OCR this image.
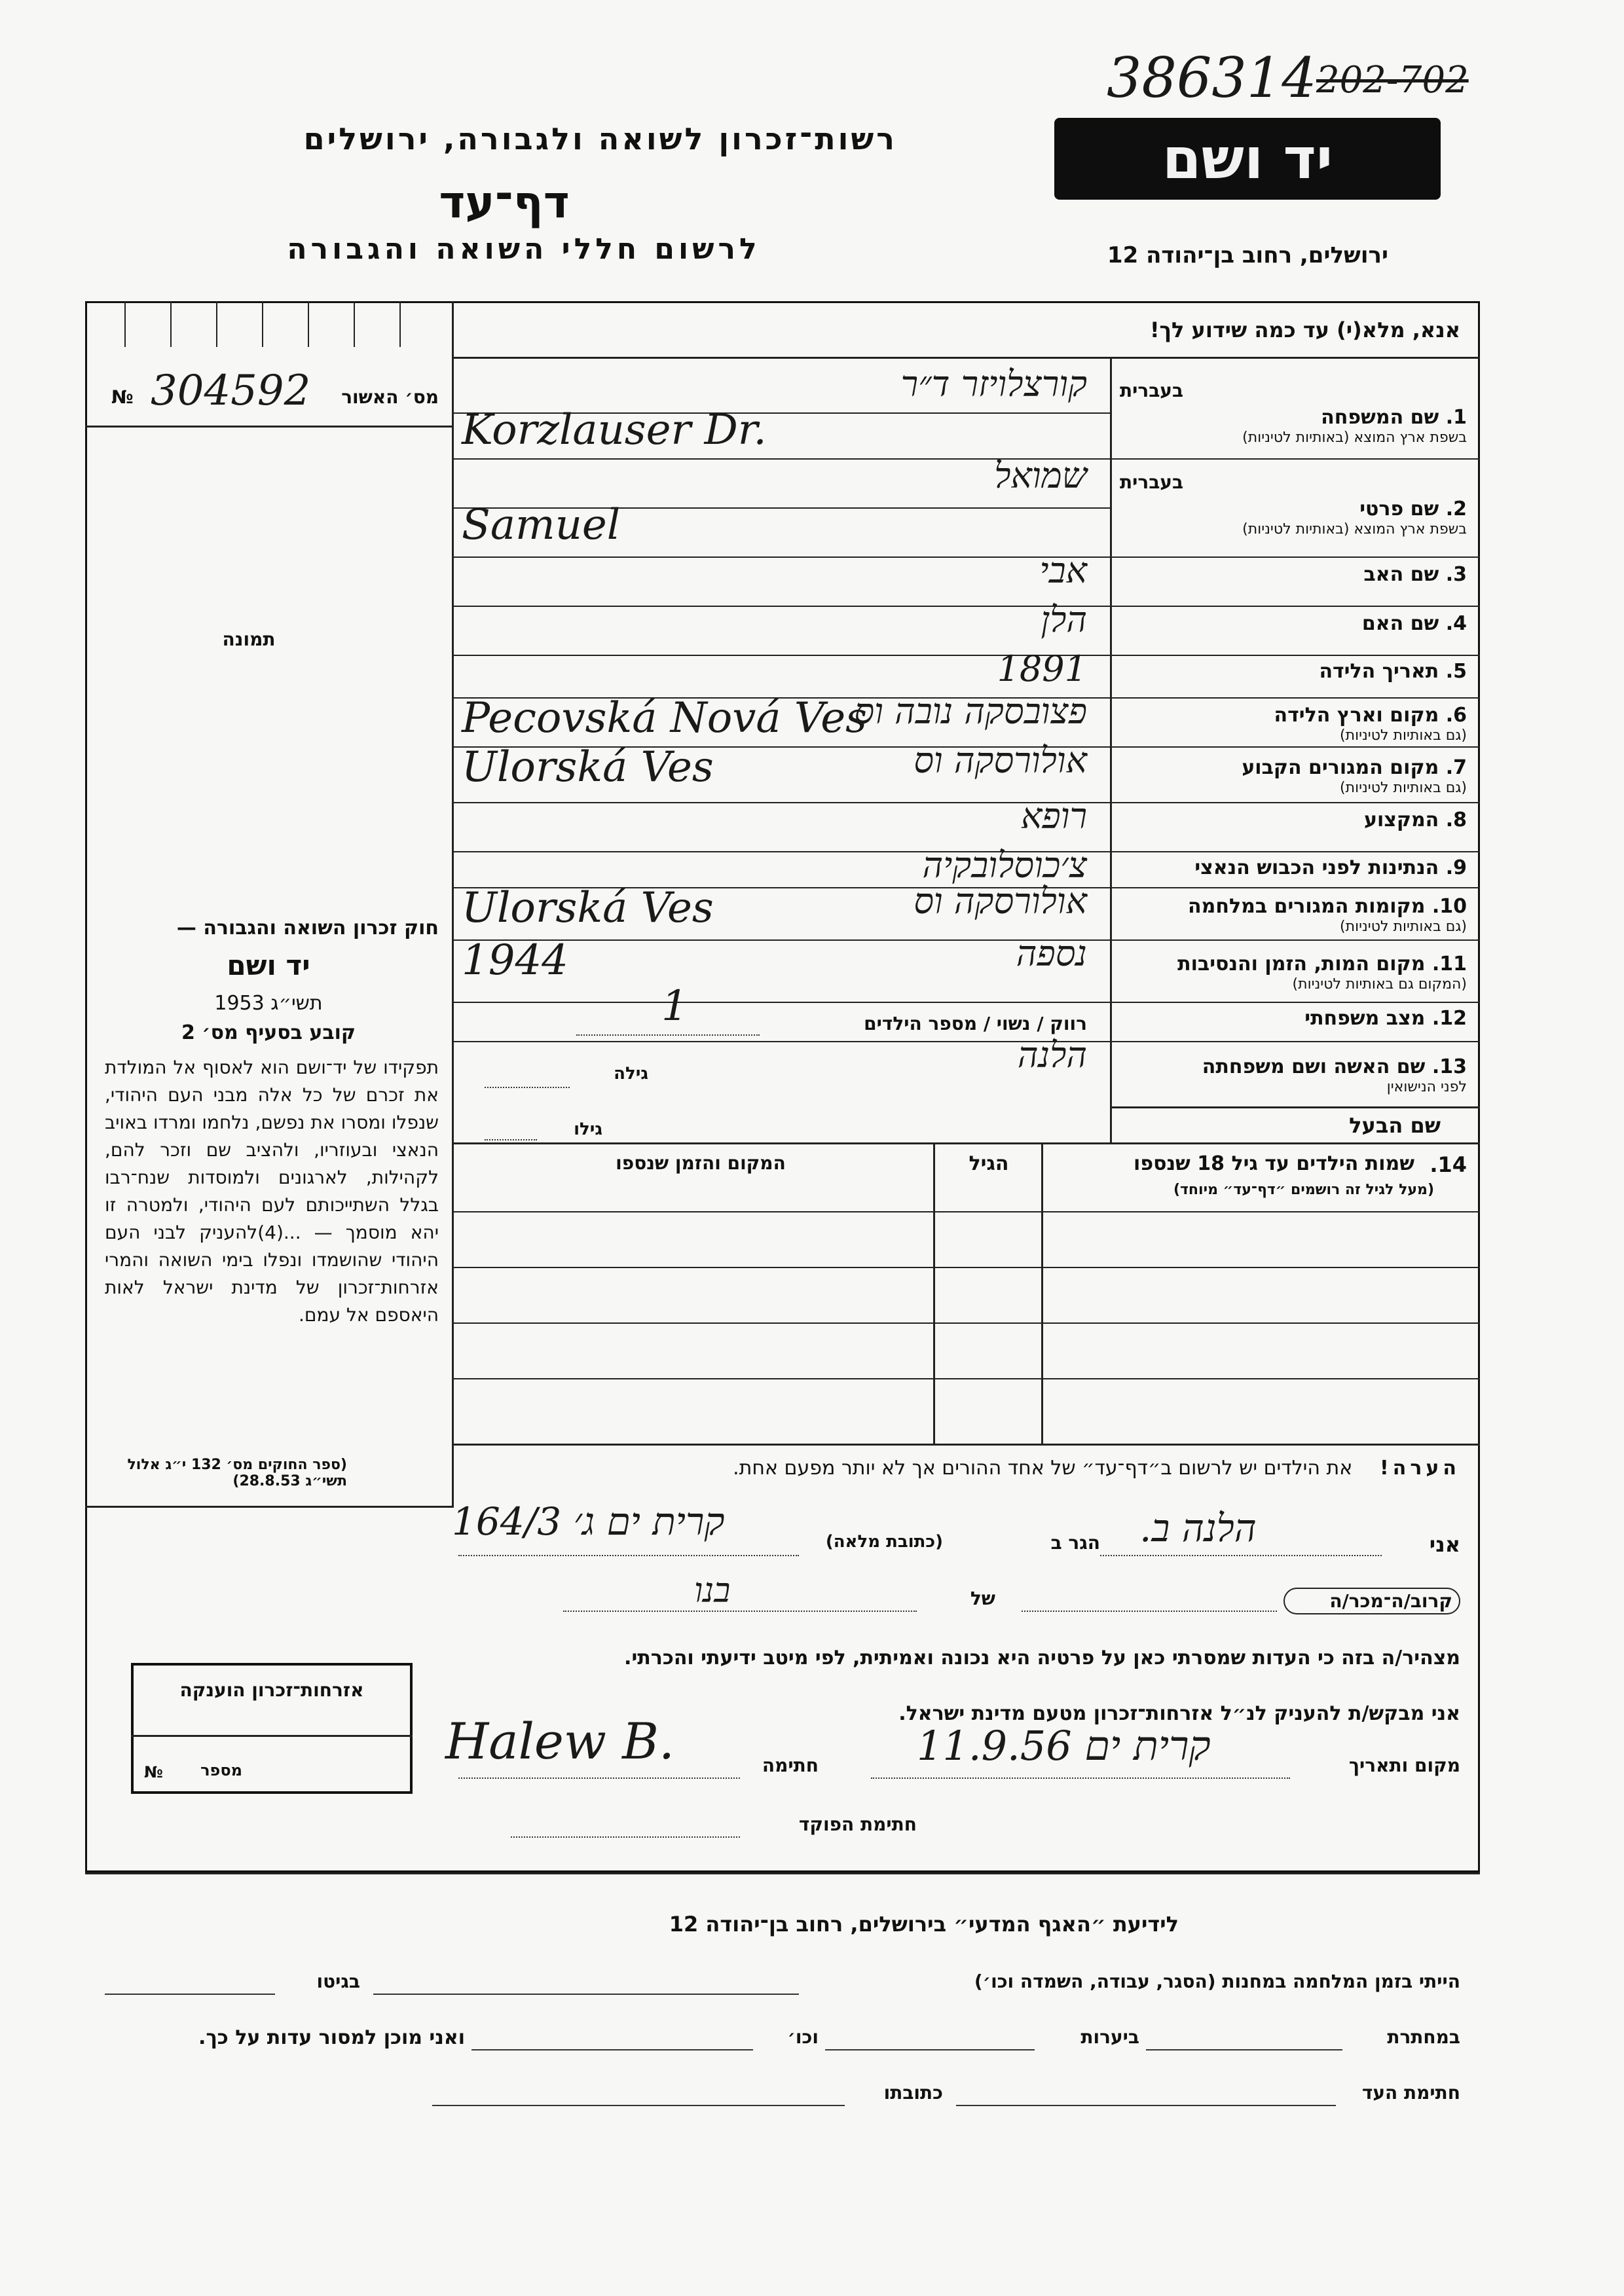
386314 202-702
רשות־זכרון לשואה ולגבורה, ירושלים
דף־עד
לרשום חללי השואה והגבורה
יד ושם
ירושלים, רחוב בן־יהודה 12
אנא, מלא(י) עד כמה שידוע לך!
№ 304592 מס׳ האשור
תמונה
בעברית
1. שם המשפחה
בשפת ארץ המוצא (באותיות לטיניות)
קורצלויזר ד״ר
Korzlauser Dr.
בעברית
2. שם פרטי
בשפת ארץ המוצא (באותיות לטיניות)
שמואל
Samuel
3. שם האב
אבי
4. שם האם
הלן
5. תאריך הלידה
1891
6. מקום וארץ הלידה
(גם באותיות לטיניות)
פצובסקה נובה וס
Pecovská Nová Ves
7. מקום המגורים הקבוע
(גם באותיות לטיניות)
אולורסקה וס
Ulorská Ves
8. המקצוע
רופא
9. הנתינות לפני הכבוש הנאצי
צ׳כוסלובקיה
10. מקומות המגורים במלחמה
(גם באותיות לטיניות)
אולורסקה וס
Ulorská Ves
11. מקום המות, הזמן והנסיבות
(המקום גם באותיות לטיניות)
נספה
1944
12. מצב משפחתי
13. שם האשה ושם משפחתה
לפני הנישואין
הלנה
רווק / נשוי / מספר הילדים
1
גילה
שם הבעל
גילו
14.
שמות הילדים עד גיל 18 שנספו
(מעל לגיל זה רושמים ״דף־עד״ מיוחד)
הגיל
המקום והזמן שנספו
הערה!    את הילדים יש לרשום ב״דף־עד״ של אחד ההורים אך לא יותר מפעם אחת.
חוק זכרון השואה והגבורה —
יד ושם
תשי״ג 1953
קובע בסעיף מס׳ 2
תפקידו של יד־ושם הוא לאסוף אל המולדת את זכרם של כל אלה מבני העם היהודי, שנפלו ומסרו את נפשם, נלחמו ומרדו באויב הנאצי ובעוזריו, ולהציב שם וזכר להם, לקהילות, לארגונים ולמוסדות שנח־רבו בגלל השתייכותם לעם היהודי, ולמטרה זו יהא מוסמך — ...(4)להעניק לבני העם היהודי שהושמדו ונפלו בימי השואה והמרי אזרחות־זכרון של מדינת ישראל לאות היאספם אל עמם.
(ספר החוקים מס׳ 132 י״ג אלול תשי״ג 28.8.53)
אני
הלנה ב.
הגר ב
(כתובת מלאה)
קרית ים ג׳ 164/3
קרוב/ה־מכר/ה
של
בנו
מצהיר/ה בזה כי העדות שמסרתי כאן על פרטיה היא נכונה ואמיתית, לפי מיטב ידיעתי והכרתי.
אני מבקש/ת להעניק לנ״ל אזרחות־זכרון מטעם מדינת ישראל.
מקום ותאריך
קרית ים 11.9.56
חתימה
Halew B.
חתימת הפוקד
אזרחות־זכרון הוענקה
מספר
№
לידיעת ״האגף המדעי״ בירושלים, רחוב בן־יהודה 12
הייתי בזמן המלחמה במחנות (הסגר, עבודה, השמדה וכו׳)
בגיטו
במחתרת
ביערות
וכו׳
ואני מוכן למסור עדות על כך.
חתימת העד
כתובתו
